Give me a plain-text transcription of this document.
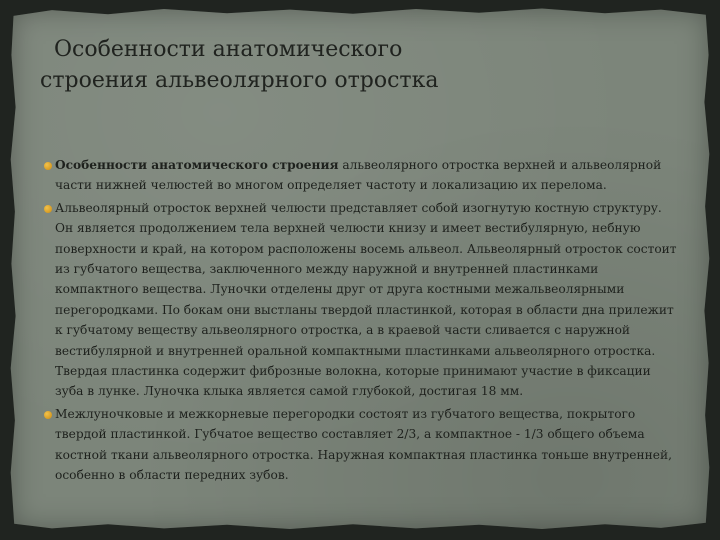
Особенности анатомического
строения альвеолярного отростка

Особенности анатомического строения альвеолярного отростка верхней и альвеолярной части нижней челюстей во многом определяет частоту и локализацию их перелома.

Альвеолярный отросток верхней челюсти представляет собой изогнутую костную структуру. Он является продолжением тела верхней челюсти книзу и имеет вестибулярную, небную поверхности и край, на котором расположены восемь альвеол. Альвеолярный отросток состоит из губчатого вещества, заключенного между наружной и внутренней пластинками компактного вещества. Луночки отделены друг от друга костными межальвеолярными перегородками. По бокам они выстланы твердой пластинкой, которая в области дна прилежит к губчатому веществу альвеолярного отростка, а в краевой части сливается с наружной вестибулярной и внутренней оральной компактными пластинками альвеолярного отростка. Твердая пластинка содержит фиброзные волокна, которые принимают участие в фиксации зуба в лунке. Луночка клыка является самой глубокой, достигая 18 мм.

Межлуночковые и межкорневые перегородки состоят из губчатого вещества, покрытого твердой пластинкой. Губчатое вещество составляет 2/3, а компактное - 1/3 общего объема костной ткани альвеолярного отростка. Наружная компактная пластинка тоньше внутренней, особенно в области передних зубов.
